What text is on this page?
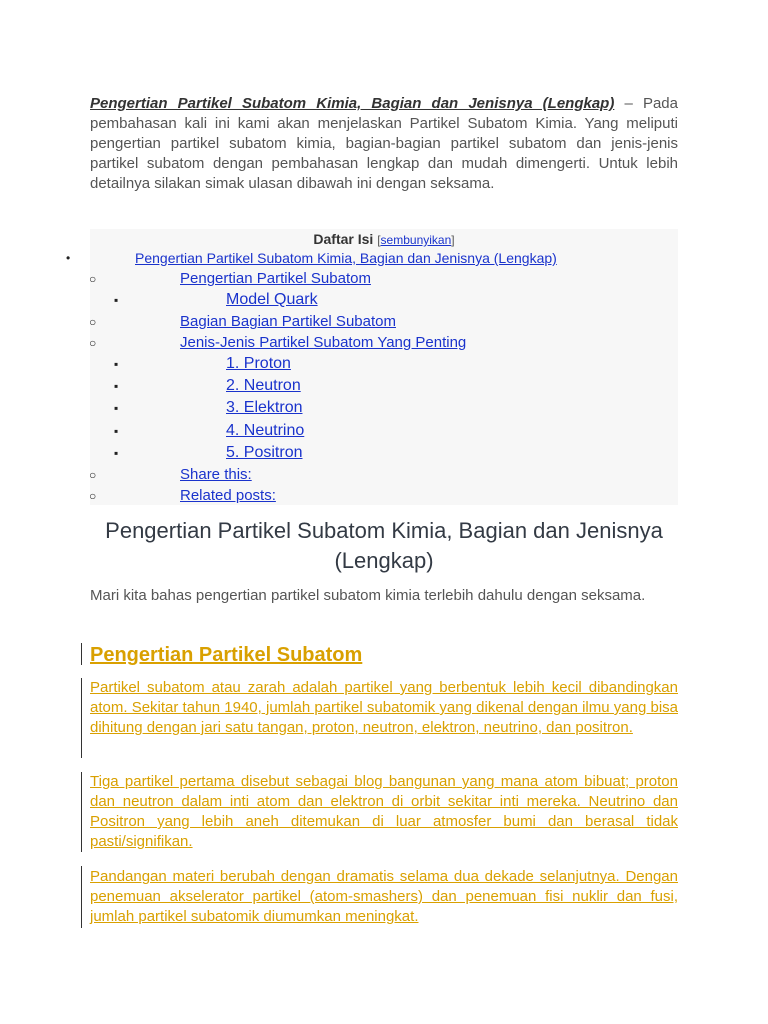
Pengertian Partikel Subatom Kimia, Bagian dan Jenisnya (Lengkap) – Pada pembahasan kali ini kami akan menjelaskan Partikel Subatom Kimia. Yang meliputi pengertian partikel subatom kimia, bagian-bagian partikel subatom dan jenis-jenis partikel subatom dengan pembahasan lengkap dan mudah dimengerti. Untuk lebih detailnya silakan simak ulasan dibawah ini dengan seksama.
Daftar Isi [sembunyikan]
•	Pengertian Partikel Subatom Kimia, Bagian dan Jenisnya (Lengkap)
○	Pengertian Partikel Subatom
▪	Model Quark
○	Bagian Bagian Partikel Subatom
○	Jenis-Jenis Partikel Subatom Yang Penting
▪	1. Proton
▪	2. Neutron
▪	3. Elektron
▪	4. Neutrino
▪	5. Positron
○	Share this:
○	Related posts:
Pengertian Partikel Subatom Kimia, Bagian dan Jenisnya (Lengkap)

Mari kita bahas pengertian partikel subatom kimia terlebih dahulu dengan seksama.

Pengertian Partikel Subatom

Partikel subatom atau zarah adalah partikel yang berbentuk lebih kecil dibandingkan atom. Sekitar tahun 1940, jumlah partikel subatomik yang dikenal dengan ilmu yang bisa dihitung dengan jari satu tangan, proton, neutron, elektron, neutrino, dan positron.

Tiga partikel pertama disebut sebagai blog bangunan yang mana atom bibuat; proton dan neutron dalam inti atom dan elektron di orbit sekitar inti mereka. Neutrino dan Positron yang lebih aneh ditemukan di luar atmosfer bumi dan berasal tidak pasti/signifikan.

Pandangan materi berubah dengan dramatis selama dua dekade selanjutnya. Dengan penemuan akselerator partikel (atom-smashers) dan penemuan fisi nuklir dan fusi, jumlah partikel subatomik diumumkan meningkat.
